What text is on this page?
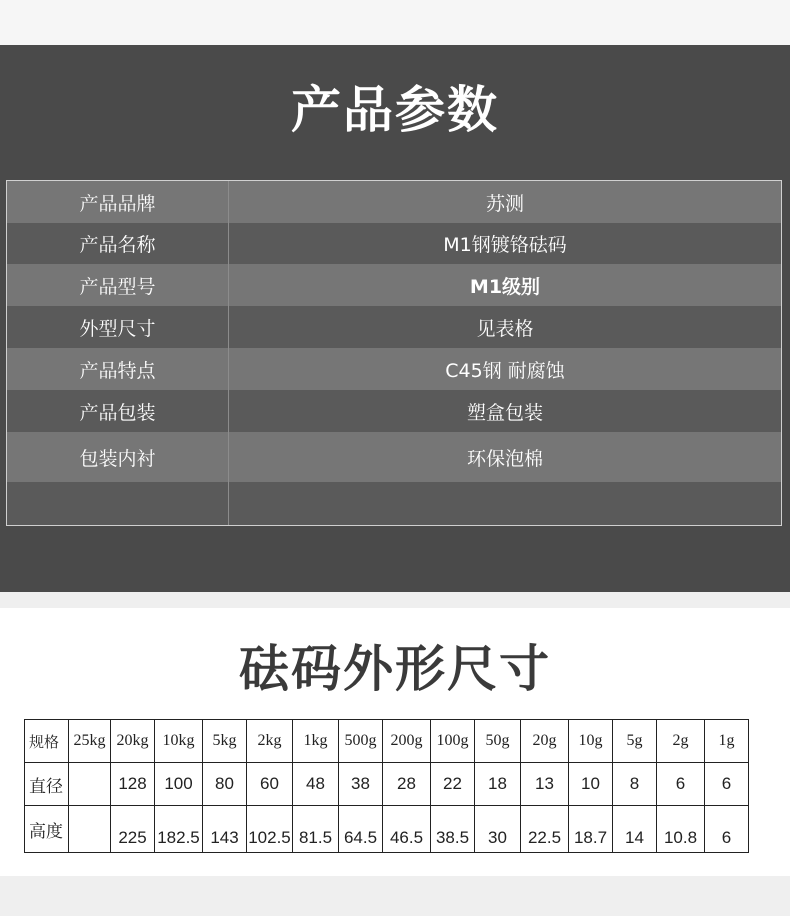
产品参数
产品品牌	苏测
产品名称	M1钢镀铬砝码
产品型号	M1级别
外型尺寸	见表格
产品特点	C45钢 耐腐蚀
产品包装	塑盒包装
包装内衬	环保泡棉
砝码外形尺寸
规格	25kg	20kg	10kg	5kg	2kg	1kg	500g	200g	100g	50g	20g	10g	5g	2g	1g
直径		128	100	80	60	48	38	28	22	18	13	10	8	6	6
高度		225	182.5	143	102.5	81.5	64.5	46.5	38.5	30	22.5	18.7	14	10.8	6
